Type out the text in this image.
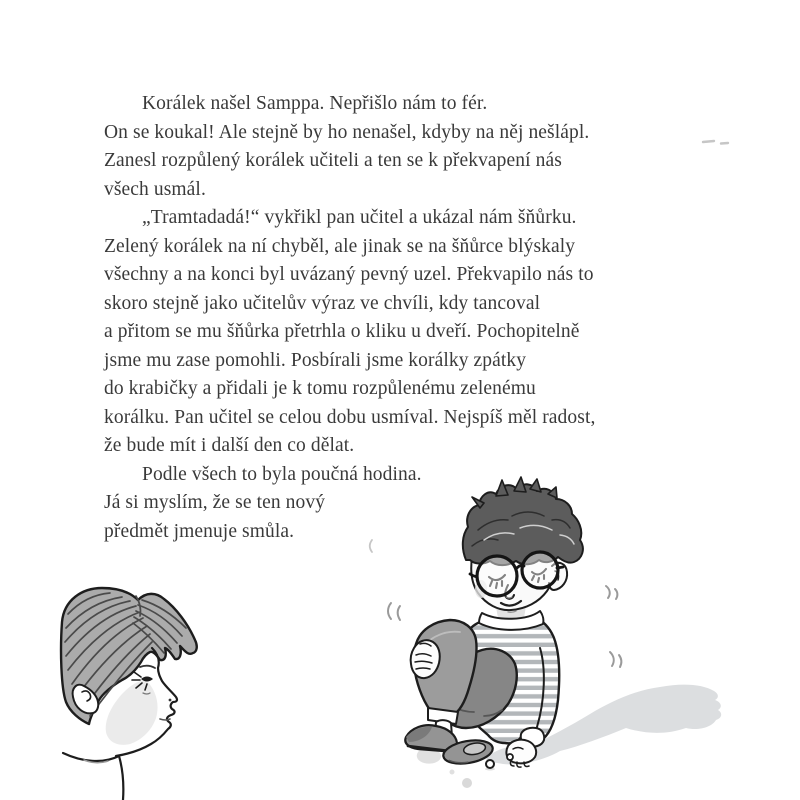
Korálek našel Samppa. Nepřišlo nám to fér.
On se koukal! Ale stejně by ho nenašel, kdyby na něj nešlápl.
Zanesl rozpůlený korálek učiteli a ten se k překvapení nás
všech usmál.
„Tramtadadá!“ vykřikl pan učitel a ukázal nám šňůrku.
Zelený korálek na ní chyběl, ale jinak se na šňůrce blýskaly
všechny a na konci byl uvázaný pevný uzel. Překvapilo nás to
skoro stejně jako učitelův výraz ve chvíli, kdy tancoval
a přitom se mu šňůrka přetrhla o kliku u dveří. Pochopitelně
jsme mu zase pomohli. Posbírali jsme korálky zpátky
do krabičky a přidali je k tomu rozpůlenému zelenému
korálku. Pan učitel se celou dobu usmíval. Nejspíš měl radost,
že bude mít i další den co dělat.
Podle všech to byla poučná hodina.
Já si myslím, že se ten nový
předmět jmenuje smůla.
